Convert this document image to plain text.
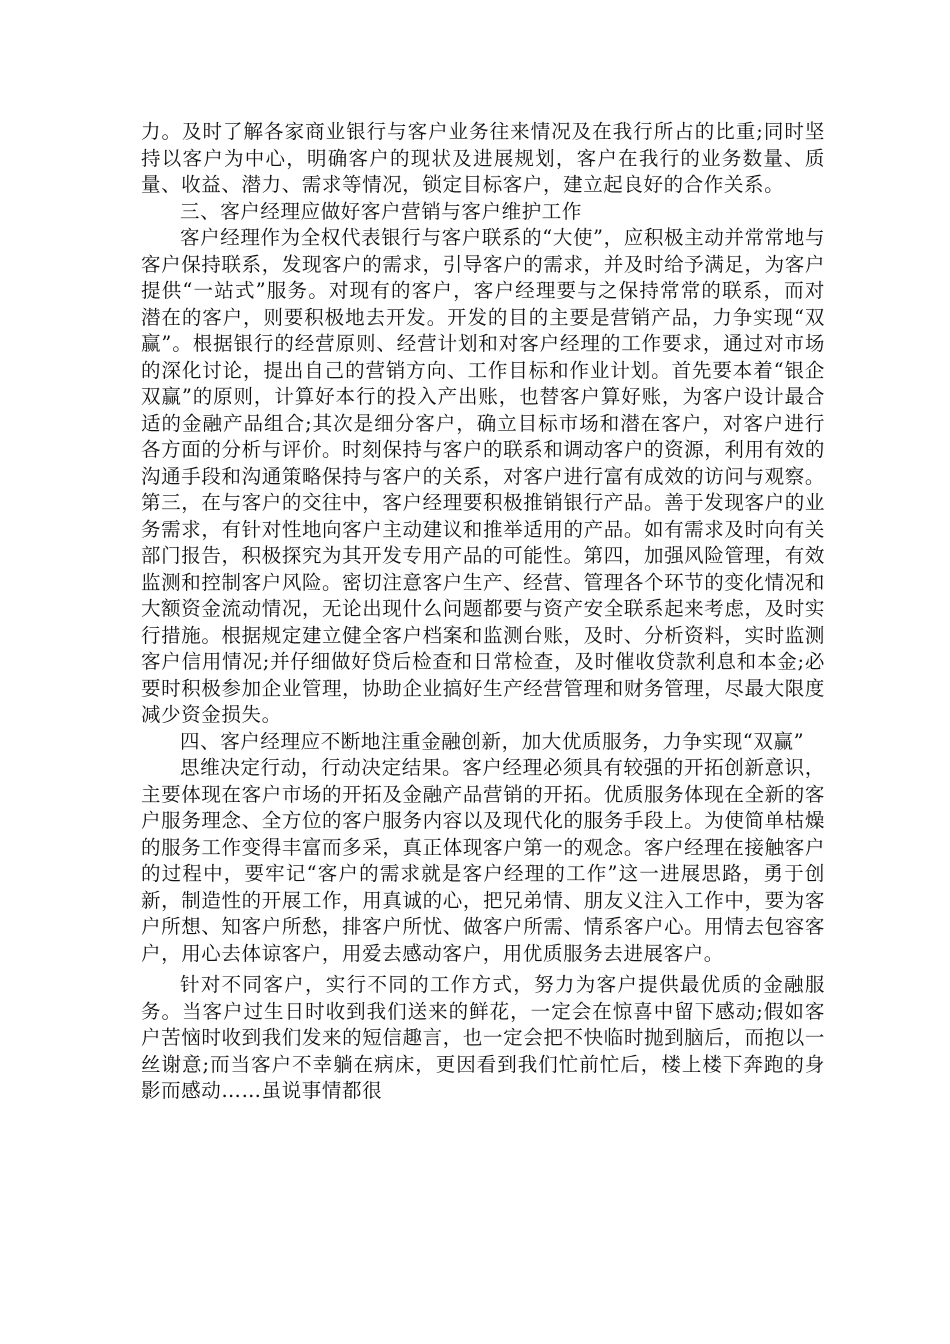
力。及时了解各家商业银行与客户业务往来情况及在我行所占的比重;同时坚持以客户为中心，明确客户的现状及进展规划，客户在我行的业务数量、质量、收益、潜力、需求等情况，锁定目标客户，建立起良好的合作关系。

三、客户经理应做好客户营销与客户维护工作

客户经理作为全权代表银行与客户联系的“大使”，应积极主动并常常地与客户保持联系，发现客户的需求，引导客户的需求，并及时给予满足，为客户提供“一站式”服务。对现有的客户，客户经理要与之保持常常的联系，而对潜在的客户，则要积极地去开发。开发的目的主要是营销产品，力争实现“双赢”。根据银行的经营原则、经营计划和对客户经理的工作要求，通过对市场的深化讨论，提出自己的营销方向、工作目标和作业计划。首先要本着“银企双赢”的原则，计算好本行的投入产出账，也替客户算好账，为客户设计最合适的金融产品组合;其次是细分客户，确立目标市场和潜在客户，对客户进行各方面的分析与评价。时刻保持与客户的联系和调动客户的资源，利用有效的沟通手段和沟通策略保持与客户的关系，对客户进行富有成效的访问与观察。第三，在与客户的交往中，客户经理要积极推销银行产品。善于发现客户的业务需求，有针对性地向客户主动建议和推举适用的产品。如有需求及时向有关部门报告，积极探究为其开发专用产品的可能性。第四，加强风险管理，有效监测和控制客户风险。密切注意客户生产、经营、管理各个环节的变化情况和大额资金流动情况，无论出现什么问题都要与资产安全联系起来考虑，及时实行措施。根据规定建立健全客户档案和监测台账，及时、分析资料，实时监测客户信用情况;并仔细做好贷后检查和日常检查，及时催收贷款利息和本金;必要时积极参加企业管理，协助企业搞好生产经营管理和财务管理，尽最大限度减少资金损失。

四、客户经理应不断地注重金融创新，加大优质服务，力争实现“双赢”

思维决定行动，行动决定结果。客户经理必须具有较强的开拓创新意识，主要体现在客户市场的开拓及金融产品营销的开拓。优质服务体现在全新的客户服务理念、全方位的客户服务内容以及现代化的服务手段上。为使简单枯燥的服务工作变得丰富而多采，真正体现客户第一的观念。客户经理在接触客户的过程中，要牢记“客户的需求就是客户经理的工作”这一进展思路，勇于创新，制造性的开展工作，用真诚的心，把兄弟情、朋友义注入工作中，要为客户所想、知客户所愁，排客户所忧、做客户所需、情系客户心。用情去包容客户，用心去体谅客户，用爱去感动客户，用优质服务去进展客户。

针对不同客户，实行不同的工作方式，努力为客户提供最优质的金融服务。当客户过生日时收到我们送来的鲜花，一定会在惊喜中留下感动;假如客户苦恼时收到我们发来的短信趣言，也一定会把不快临时抛到脑后，而抱以一丝谢意;而当客户不幸躺在病床，更因看到我们忙前忙后，楼上楼下奔跑的身影而感动……虽说事情都很
